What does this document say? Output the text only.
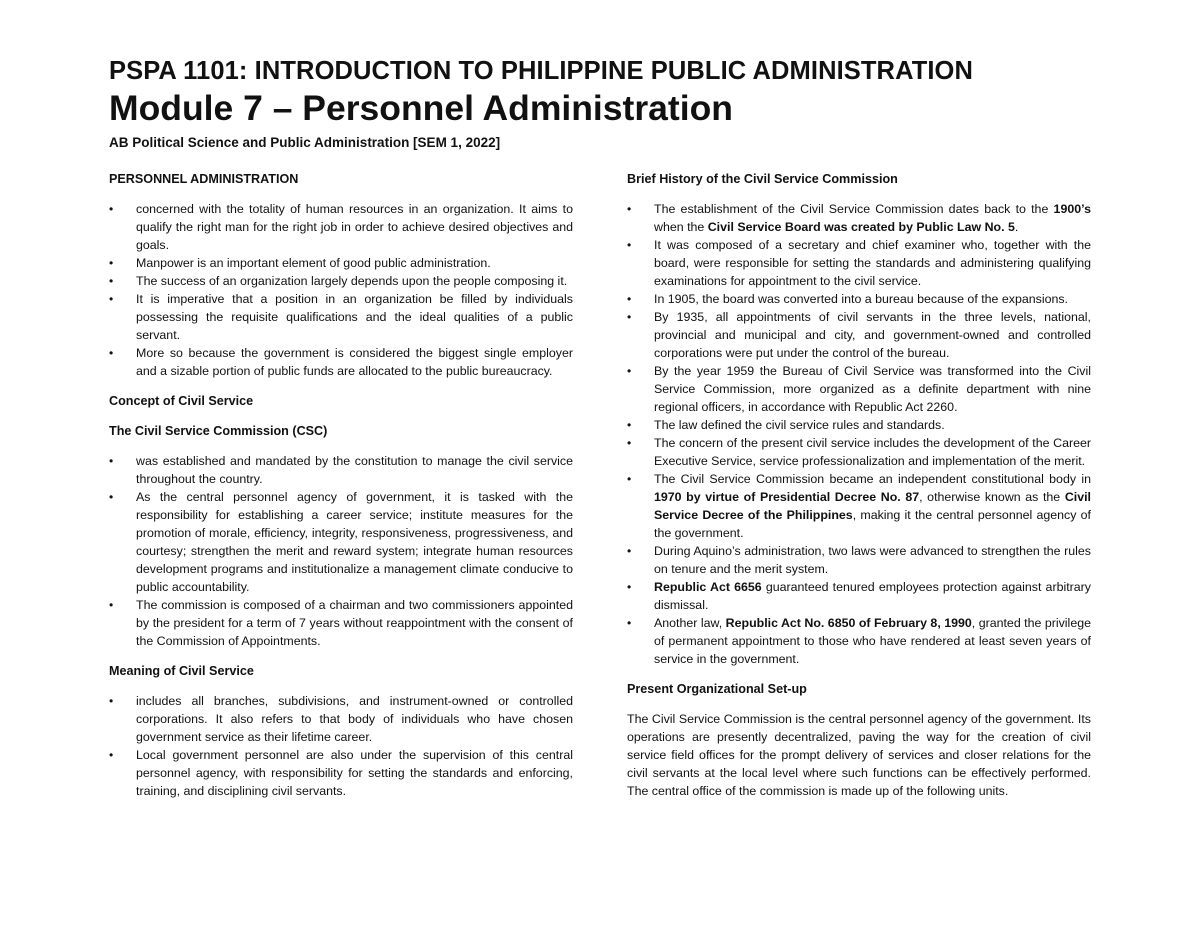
PSPA 1101: INTRODUCTION TO PHILIPPINE PUBLIC ADMINISTRATION
Module 7 – Personnel Administration
AB Political Science and Public Administration [SEM 1, 2022]
PERSONNEL ADMINISTRATION
• concerned with the totality of human resources in an organization. It aims to qualify the right man for the right job in order to achieve desired objectives and goals.
• Manpower is an important element of good public administration.
• The success of an organization largely depends upon the people composing it.
• It is imperative that a position in an organization be filled by individuals possessing the requisite qualifications and the ideal qualities of a public servant.
• More so because the government is considered the biggest single employer and a sizable portion of public funds are allocated to the public bureaucracy.
Concept of Civil Service
The Civil Service Commission (CSC)
• was established and mandated by the constitution to manage the civil service throughout the country.
• As the central personnel agency of government, it is tasked with the responsibility for establishing a career service; institute measures for the promotion of morale, efficiency, integrity, responsiveness, progressiveness, and courtesy; strengthen the merit and reward system; integrate human resources development programs and institutionalize a management climate conducive to public accountability.
• The commission is composed of a chairman and two commissioners appointed by the president for a term of 7 years without reappointment with the consent of the Commission of Appointments.
Meaning of Civil Service
• includes all branches, subdivisions, and instrument-owned or controlled corporations. It also refers to that body of individuals who have chosen government service as their lifetime career.
• Local government personnel are also under the supervision of this central personnel agency, with responsibility for setting the standards and enforcing, training, and disciplining civil servants.
Brief History of the Civil Service Commission
• The establishment of the Civil Service Commission dates back to the 1900’s when the Civil Service Board was created by Public Law No. 5.
• It was composed of a secretary and chief examiner who, together with the board, were responsible for setting the standards and administering qualifying examinations for appointment to the civil service.
• In 1905, the board was converted into a bureau because of the expansions.
• By 1935, all appointments of civil servants in the three levels, national, provincial and municipal and city, and government-owned and controlled corporations were put under the control of the bureau.
• By the year 1959 the Bureau of Civil Service was transformed into the Civil Service Commission, more organized as a definite department with nine regional officers, in accordance with Republic Act 2260.
• The law defined the civil service rules and standards.
• The concern of the present civil service includes the development of the Career Executive Service, service professionalization and implementation of the merit.
• The Civil Service Commission became an independent constitutional body in 1970 by virtue of Presidential Decree No. 87, otherwise known as the Civil Service Decree of the Philippines, making it the central personnel agency of the government.
• During Aquino’s administration, two laws were advanced to strengthen the rules on tenure and the merit system.
• Republic Act 6656 guaranteed tenured employees protection against arbitrary dismissal.
• Another law, Republic Act No. 6850 of February 8, 1990, granted the privilege of permanent appointment to those who have rendered at least seven years of service in the government.
Present Organizational Set-up

The Civil Service Commission is the central personnel agency of the government. Its operations are presently decentralized, paving the way for the creation of civil service field offices for the prompt delivery of services and closer relations for the civil servants at the local level where such functions can be effectively performed. The central office of the commission is made up of the following units.
